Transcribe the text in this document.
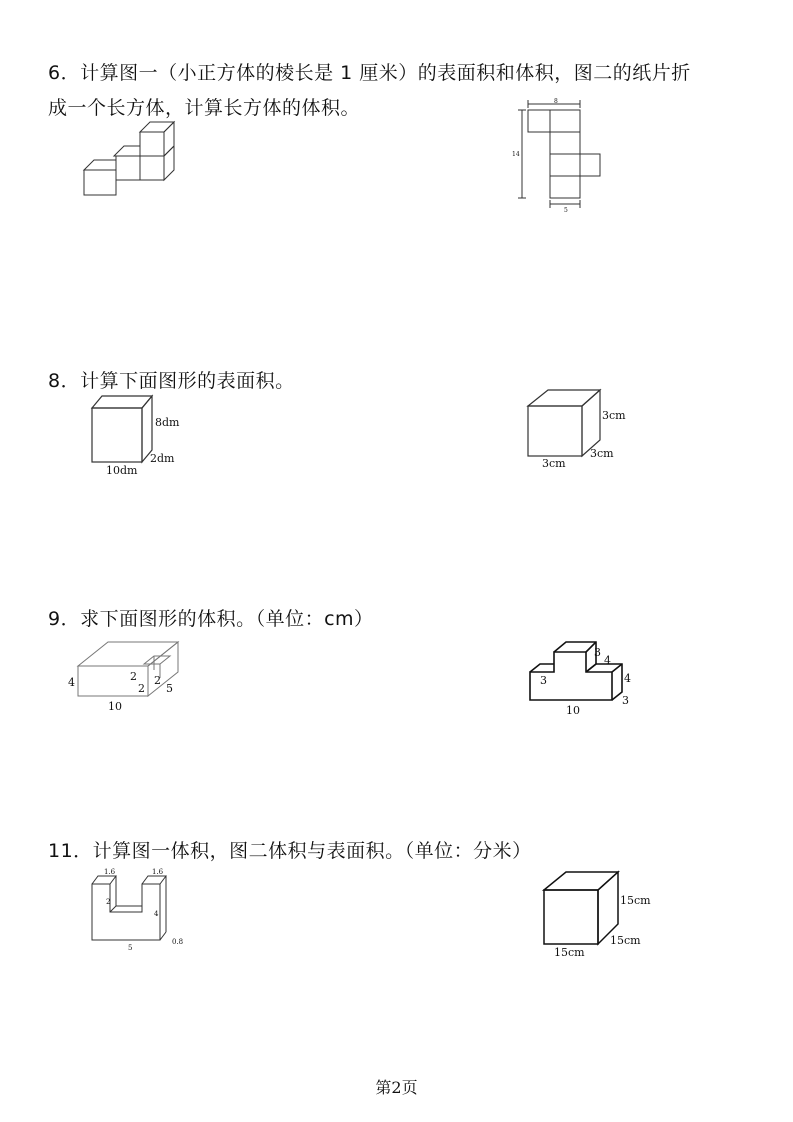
6．计算图一（小正方体的棱长是 1 厘米）的表面积和体积，图二的纸片折
成一个长方体，计算长方体的体积。	8
14
5
8．计算下面图形的表面积。
8dm
2dm
10dm
3cm
3cm
3cm
9．求下面图形的体积。（单位：cm）
4
10
2
2
2
5
3
4
3	4
10
3
11．计算图一体积，图二体积与表面积。（单位：分米）
1.6	1.6
2
4
5
0.8
15cm
15cm
15cm
第2页
